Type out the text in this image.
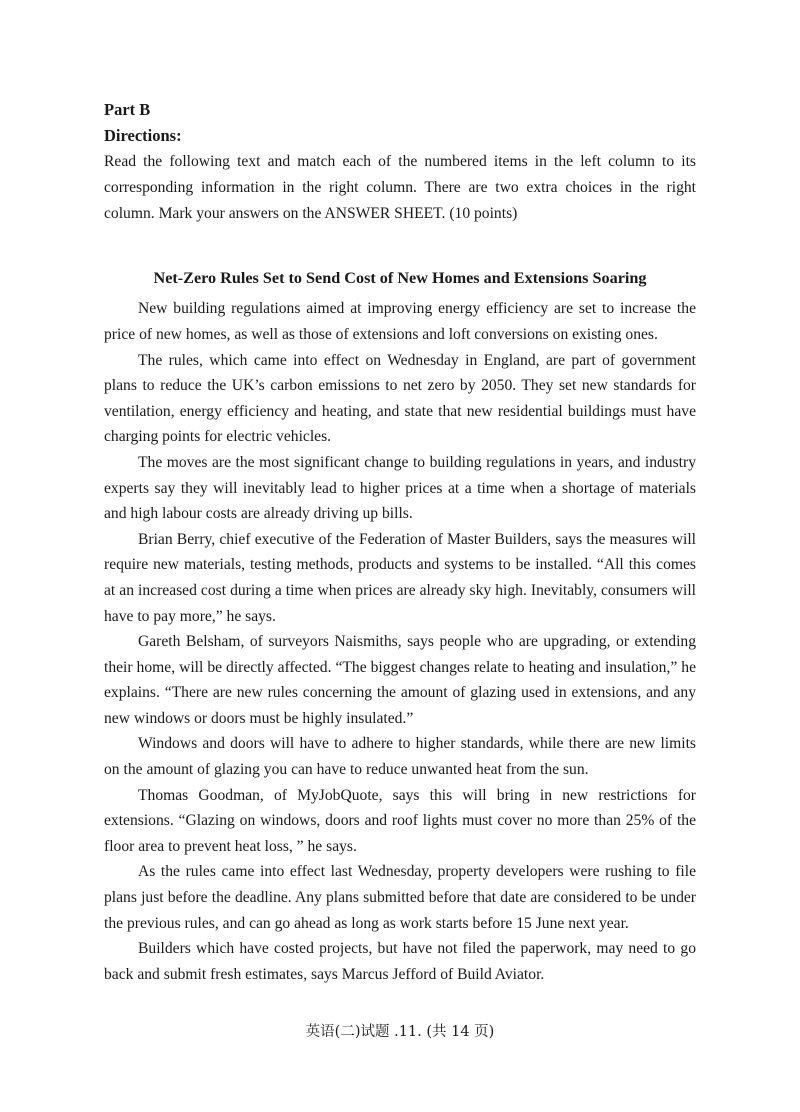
Part B

Directions:

Read the following text and match each of the numbered items in the left column to its corresponding information in the right column. There are two extra choices in the right column. Mark your answers on the ANSWER SHEET. (10 points)

Net-Zero Rules Set to Send Cost of New Homes and Extensions Soaring

New building regulations aimed at improving energy efficiency are set to increase the price of new homes, as well as those of extensions and loft conversions on existing ones.

The rules, which came into effect on Wednesday in England, are part of government plans to reduce the UK’s carbon emissions to net zero by 2050. They set new standards for ventilation, energy efficiency and heating, and state that new residential buildings must have charging points for electric vehicles.

The moves are the most significant change to building regulations in years, and industry experts say they will inevitably lead to higher prices at a time when a shortage of materials and high labour costs are already driving up bills.

Brian Berry, chief executive of the Federation of Master Builders, says the measures will require new materials, testing methods, products and systems to be installed. “All this comes at an increased cost during a time when prices are already sky high. Inevitably, consumers will have to pay more,” he says.

Gareth Belsham, of surveyors Naismiths, says people who are upgrading, or extending their home, will be directly affected. “The biggest changes relate to heating and insulation,” he explains. “There are new rules concerning the amount of glazing used in extensions, and any new windows or doors must be highly insulated.”

Windows and doors will have to adhere to higher standards, while there are new limits on the amount of glazing you can have to reduce unwanted heat from the sun.

Thomas Goodman, of MyJobQuote, says this will bring in new restrictions for extensions. “Glazing on windows, doors and roof lights must cover no more than 25% of the floor area to prevent heat loss, ” he says.

As the rules came into effect last Wednesday, property developers were rushing to file plans just before the deadline. Any plans submitted before that date are considered to be under the previous rules, and can go ahead as long as work starts before 15 June next year.

Builders which have costed projects, but have not filed the paperwork, may need to go back and submit fresh estimates, says Marcus Jefford of Build Aviator.

英语(二)试题 .11. (共 14 页)
